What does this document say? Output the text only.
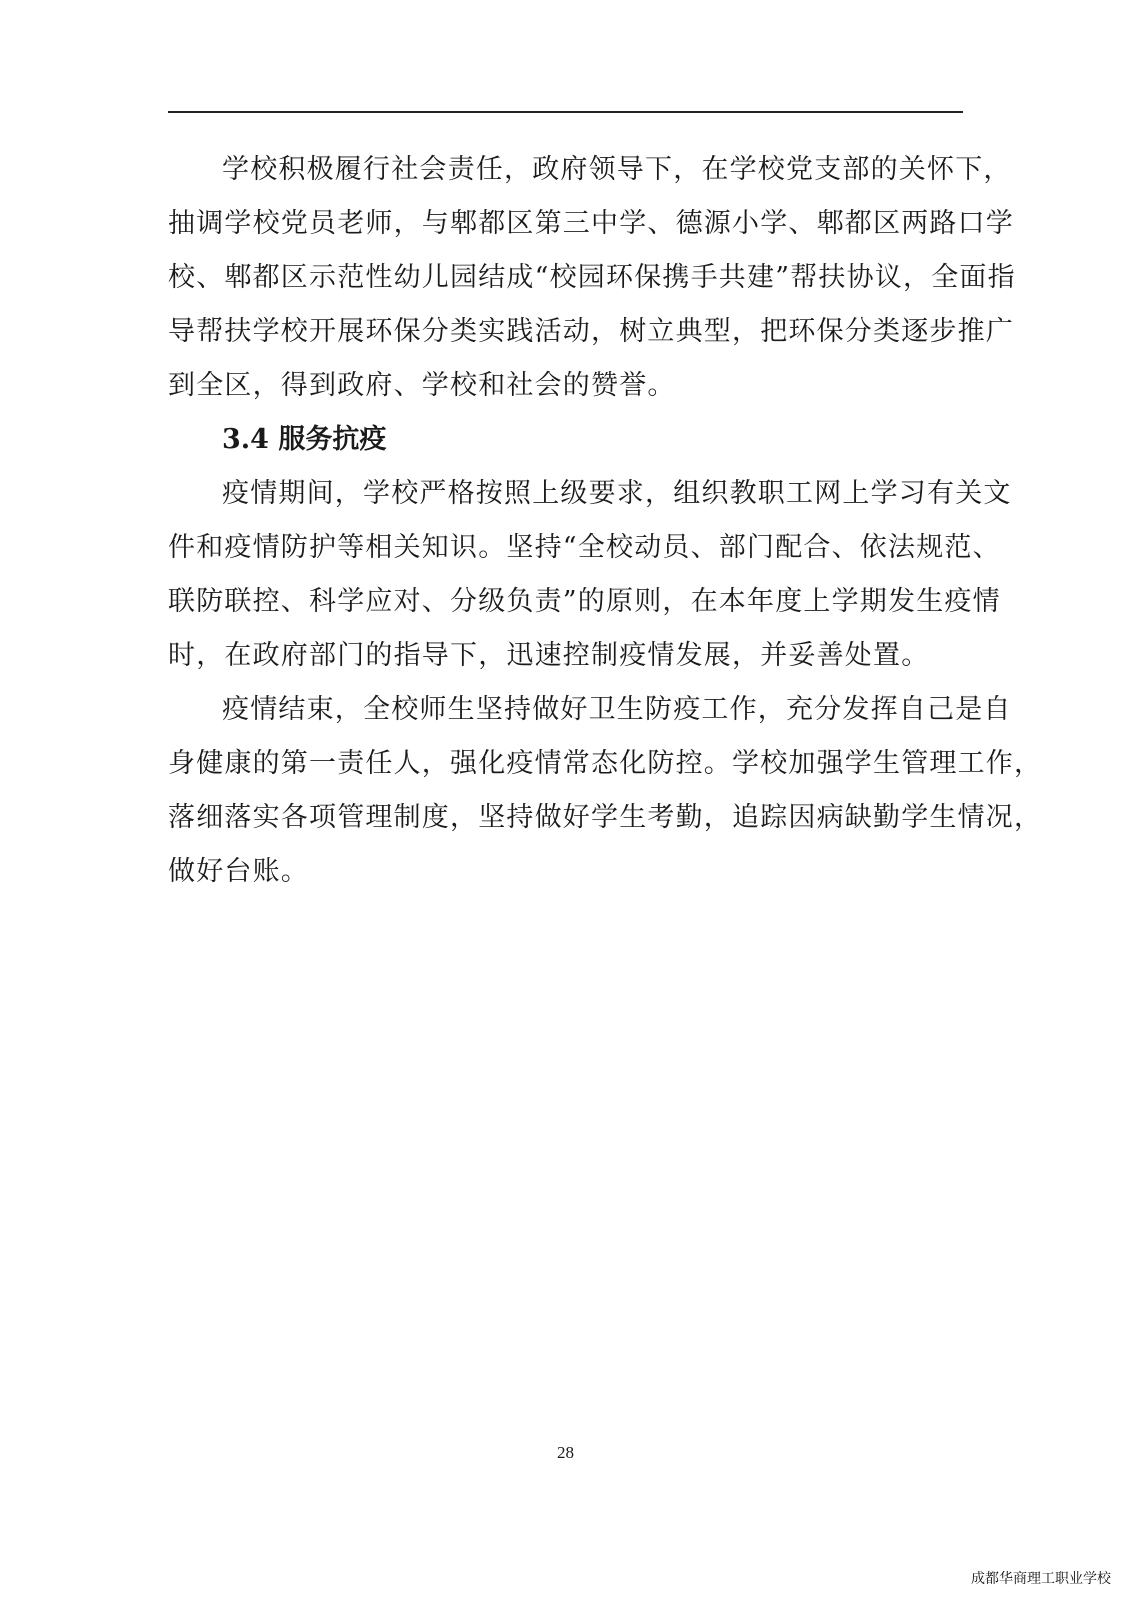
学校积极履行社会责任，政府领导下，在学校党支部的关怀下，
抽调学校党员老师，与郫都区第三中学、德源小学、郫都区两路口学
校、郫都区示范性幼儿园结成“校园环保携手共建”帮扶协议，全面指
导帮扶学校开展环保分类实践活动，树立典型，把环保分类逐步推广
到全区，得到政府、学校和社会的赞誉。
3.4 服务抗疫
疫情期间，学校严格按照上级要求，组织教职工网上学习有关文
件和疫情防护等相关知识。坚持“全校动员、部门配合、依法规范、
联防联控、科学应对、分级负责”的原则，在本年度上学期发生疫情
时，在政府部门的指导下，迅速控制疫情发展，并妥善处置。
疫情结束，全校师生坚持做好卫生防疫工作，充分发挥自己是自
身健康的第一责任人，强化疫情常态化防控。学校加强学生管理工作，
落细落实各项管理制度，坚持做好学生考勤，追踪因病缺勤学生情况，
做好台账。
28
成都华商理工职业学校
